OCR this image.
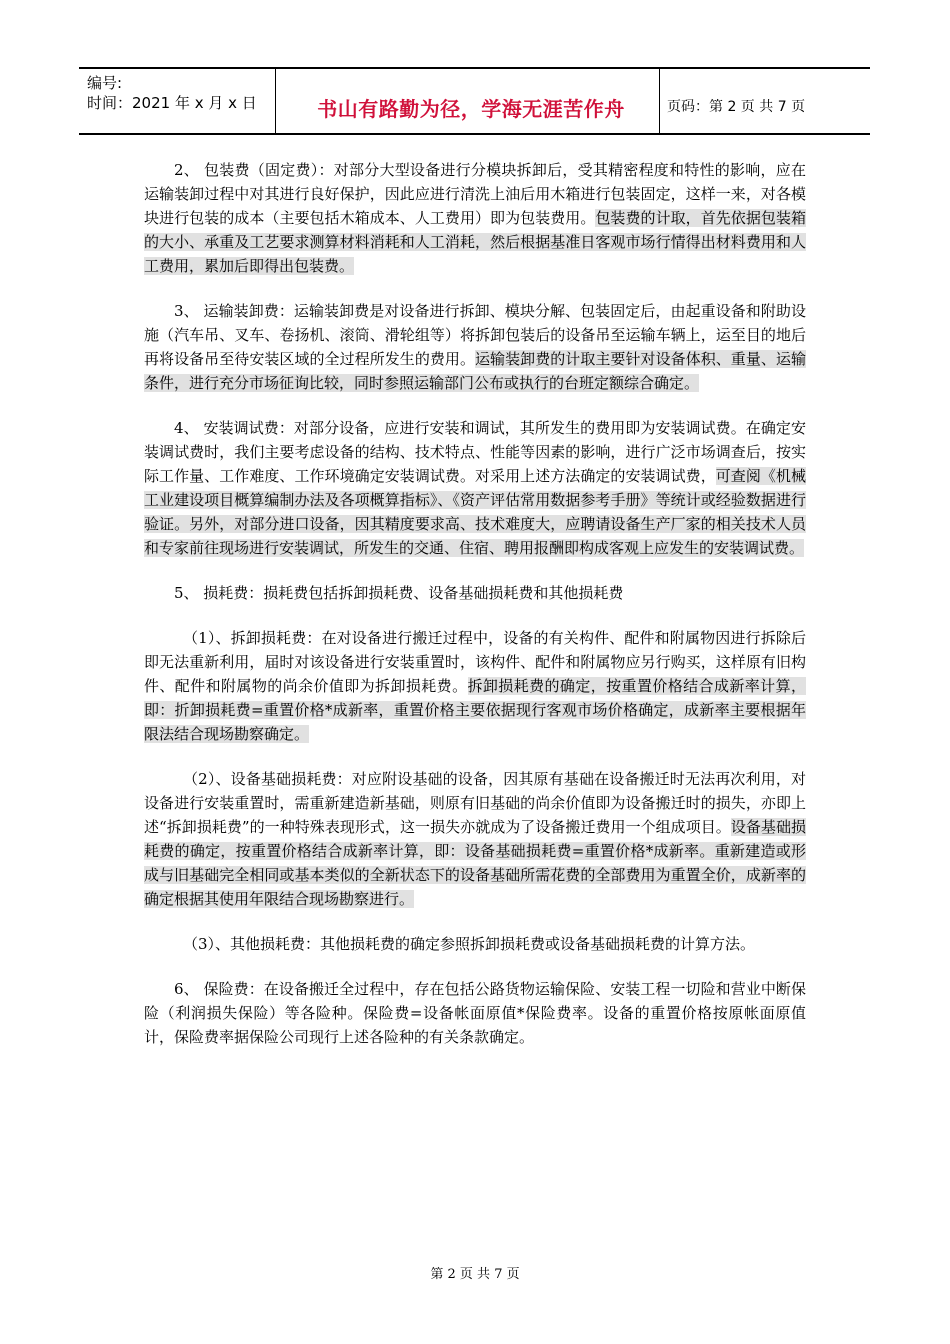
编号:
时间：2021 年 x 月 x 日	书山有路勤为径，学海无涯苦作舟	页码：第 2 页 共 7 页

2、 包装费（固定费）：对部分大型设备进行分模块拆卸后，受其精密程度和特性的影响，应在运输装卸过程中对其进行良好保护，因此应进行清洗上油后用木箱进行包装固定，这样一来，对各模块进行包装的成本（主要包括木箱成本、人工费用）即为包装费用。包装费的计取，首先依据包装箱的大小、承重及工艺要求测算材料消耗和人工消耗，然后根据基准日客观市场行情得出材料费用和人工费用，累加后即得出包装费。

3、 运输装卸费：运输装卸费是对设备进行拆卸、模块分解、包装固定后，由起重设备和附助设施（汽车吊、叉车、卷扬机、滚筒、滑轮组等）将拆卸包装后的设备吊至运输车辆上，运至目的地后再将设备吊至待安装区域的全过程所发生的费用。运输装卸费的计取主要针对设备体积、重量、运输条件，进行充分市场征询比较，同时参照运输部门公布或执行的台班定额综合确定。

4、 安装调试费：对部分设备，应进行安装和调试，其所发生的费用即为安装调试费。在确定安装调试费时，我们主要考虑设备的结构、技术特点、性能等因素的影响，进行广泛市场调查后，按实际工作量、工作难度、工作环境确定安装调试费。对采用上述方法确定的安装调试费，可查阅《机械工业建设项目概算编制办法及各项概算指标》、《资产评估常用数据参考手册》等统计或经验数据进行验证。另外，对部分进口设备，因其精度要求高、技术难度大，应聘请设备生产厂家的相关技术人员和专家前往现场进行安装调试，所发生的交通、住宿、聘用报酬即构成客观上应发生的安装调试费。

5、 损耗费：损耗费包括拆卸损耗费、设备基础损耗费和其他损耗费

（1）、拆卸损耗费：在对设备进行搬迁过程中，设备的有关构件、配件和附属物因进行拆除后即无法重新利用，届时对该设备进行安装重置时，该构件、配件和附属物应另行购买，这样原有旧构件、配件和附属物的尚余价值即为拆卸损耗费。拆卸损耗费的确定，按重置价格结合成新率计算，即：折卸损耗费=重置价格*成新率，重置价格主要依据现行客观市场价格确定，成新率主要根据年限法结合现场勘察确定。

（2）、设备基础损耗费：对应附设基础的设备，因其原有基础在设备搬迁时无法再次利用，对设备进行安装重置时，需重新建造新基础，则原有旧基础的尚余价值即为设备搬迁时的损失，亦即上述“拆卸损耗费”的一种特殊表现形式，这一损失亦就成为了设备搬迁费用一个组成项目。设备基础损耗费的确定，按重置价格结合成新率计算，即：设备基础损耗费=重置价格*成新率。重新建造或形成与旧基础完全相同或基本类似的全新状态下的设备基础所需花费的全部费用为重置全价，成新率的确定根据其使用年限结合现场勘察进行。

（3）、其他损耗费：其他损耗费的确定参照拆卸损耗费或设备基础损耗费的计算方法。

6、 保险费：在设备搬迁全过程中，存在包括公路货物运输保险、安装工程一切险和营业中断保险（利润损失保险）等各险种。保险费=设备帐面原值*保险费率。设备的重置价格按原帐面原值计，保险费率据保险公司现行上述各险种的有关条款确定。

第 2 页 共 7 页
